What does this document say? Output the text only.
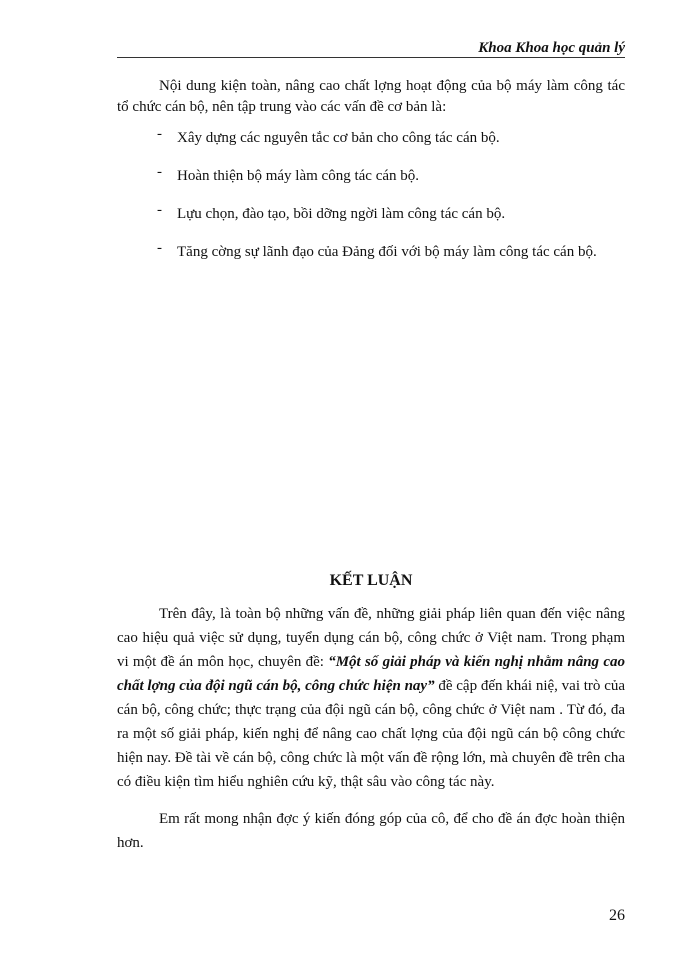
Khoa Khoa học quản lý

Nội dung kiện toàn, nâng cao chất lợng hoạt động của bộ máy làm công tác tổ chức cán bộ, nên tập trung vào các vấn đề cơ bản là:

- Xây dựng các nguyên tắc cơ bản cho công tác cán bộ.
- Hoàn thiện bộ máy làm công tác cán bộ.
- Lựu chọn, đào tạo, bồi dỡng ngời làm công tác cán bộ.
- Tăng cờng sự lãnh đạo của Đảng đối với bộ máy làm công tác cán bộ.
KẾT LUẬN

Trên đây, là toàn bộ những vấn đề, những giải pháp liên quan đến việc nâng cao hiệu quả việc sử dụng, tuyển dụng cán bộ, công chức ở Việt nam. Trong phạm vi một đề án môn học, chuyên đề: “Một số giải pháp và kiến nghị nhằm nâng cao chất lợng của đội ngũ cán bộ, công chức hiện nay” đề cập đến khái niệ, vai trò của cán bộ, công chức; thực trạng của đội ngũ cán bộ, công chức ở Việt nam . Từ đó, đa ra một số giải pháp, kiến nghị để nâng cao chất lợng của đội ngũ cán bộ công chức hiện nay. Đề tài về cán bộ, công chức là một vấn đề rộng lớn, mà chuyên đề trên cha có điều kiện tìm hiểu nghiên cứu kỹ, thật sâu vào công tác này.

Em rất mong nhận đợc ý kiến đóng góp của cô, để cho đề án đợc hoàn thiện hơn.

26
